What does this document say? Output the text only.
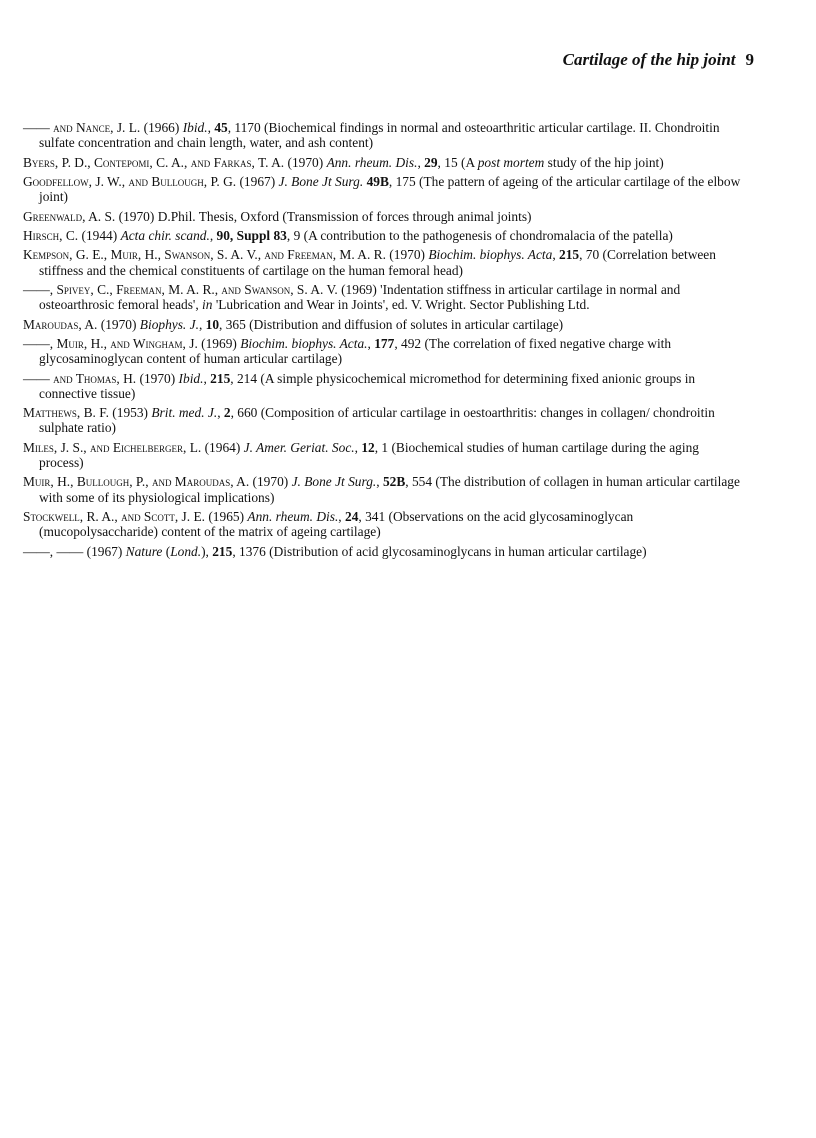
Cartilage of the hip joint 9
—— and Nance, J. L. (1966) Ibid., 45, 1170 (Biochemical findings in normal and osteoarthritic articular cartilage. II. Chondroitin sulfate concentration and chain length, water, and ash content)
Byers, P. D., Contepomi, C. A., and Farkas, T. A. (1970) Ann. rheum. Dis., 29, 15 (A post mortem study of the hip joint)
Goodfellow, J. W., and Bullough, P. G. (1967) J. Bone Jt Surg. 49B, 175 (The pattern of ageing of the articular cartilage of the elbow joint)
Greenwald, A. S. (1970) D.Phil. Thesis, Oxford (Transmission of forces through animal joints)
Hirsch, C. (1944) Acta chir. scand., 90, Suppl 83, 9 (A contribution to the pathogenesis of chondromalacia of the patella)
Kempson, G. E., Muir, H., Swanson, S. A. V., and Freeman, M. A. R. (1970) Biochim. biophys. Acta, 215, 70 (Correlation between stiffness and the chemical constituents of cartilage on the human femoral head)
——, Spivey, C., Freeman, M. A. R., and Swanson, S. A. V. (1969) 'Indentation stiffness in articular cartilage in normal and osteoarthrosic femoral heads', in 'Lubrication and Wear in Joints', ed. V. Wright. Sector Publishing Ltd.
Maroudas, A. (1970) Biophys. J., 10, 365 (Distribution and diffusion of solutes in articular cartilage)
——, Muir, H., and Wingham, J. (1969) Biochim. biophys. Acta., 177, 492 (The correlation of fixed negative charge with glycosaminoglycan content of human articular cartilage)
—— and Thomas, H. (1970) Ibid., 215, 214 (A simple physicochemical micromethod for determining fixed anionic groups in connective tissue)
Matthews, B. F. (1953) Brit. med. J., 2, 660 (Composition of articular cartilage in oestoarthritis: changes in collagen/ chondroitin sulphate ratio)
Miles, J. S., and Eichelberger, L. (1964) J. Amer. Geriat. Soc., 12, 1 (Biochemical studies of human cartilage during the aging process)
Muir, H., Bullough, P., and Maroudas, A. (1970) J. Bone Jt Surg., 52B, 554 (The distribution of collagen in human articular cartilage with some of its physiological implications)
Stockwell, R. A., and Scott, J. E. (1965) Ann. rheum. Dis., 24, 341 (Observations on the acid glycosaminoglycan (mucopolysaccharide) content of the matrix of ageing cartilage)
——, —— (1967) Nature (Lond.), 215, 1376 (Distribution of acid glycosaminoglycans in human articular cartilage)
